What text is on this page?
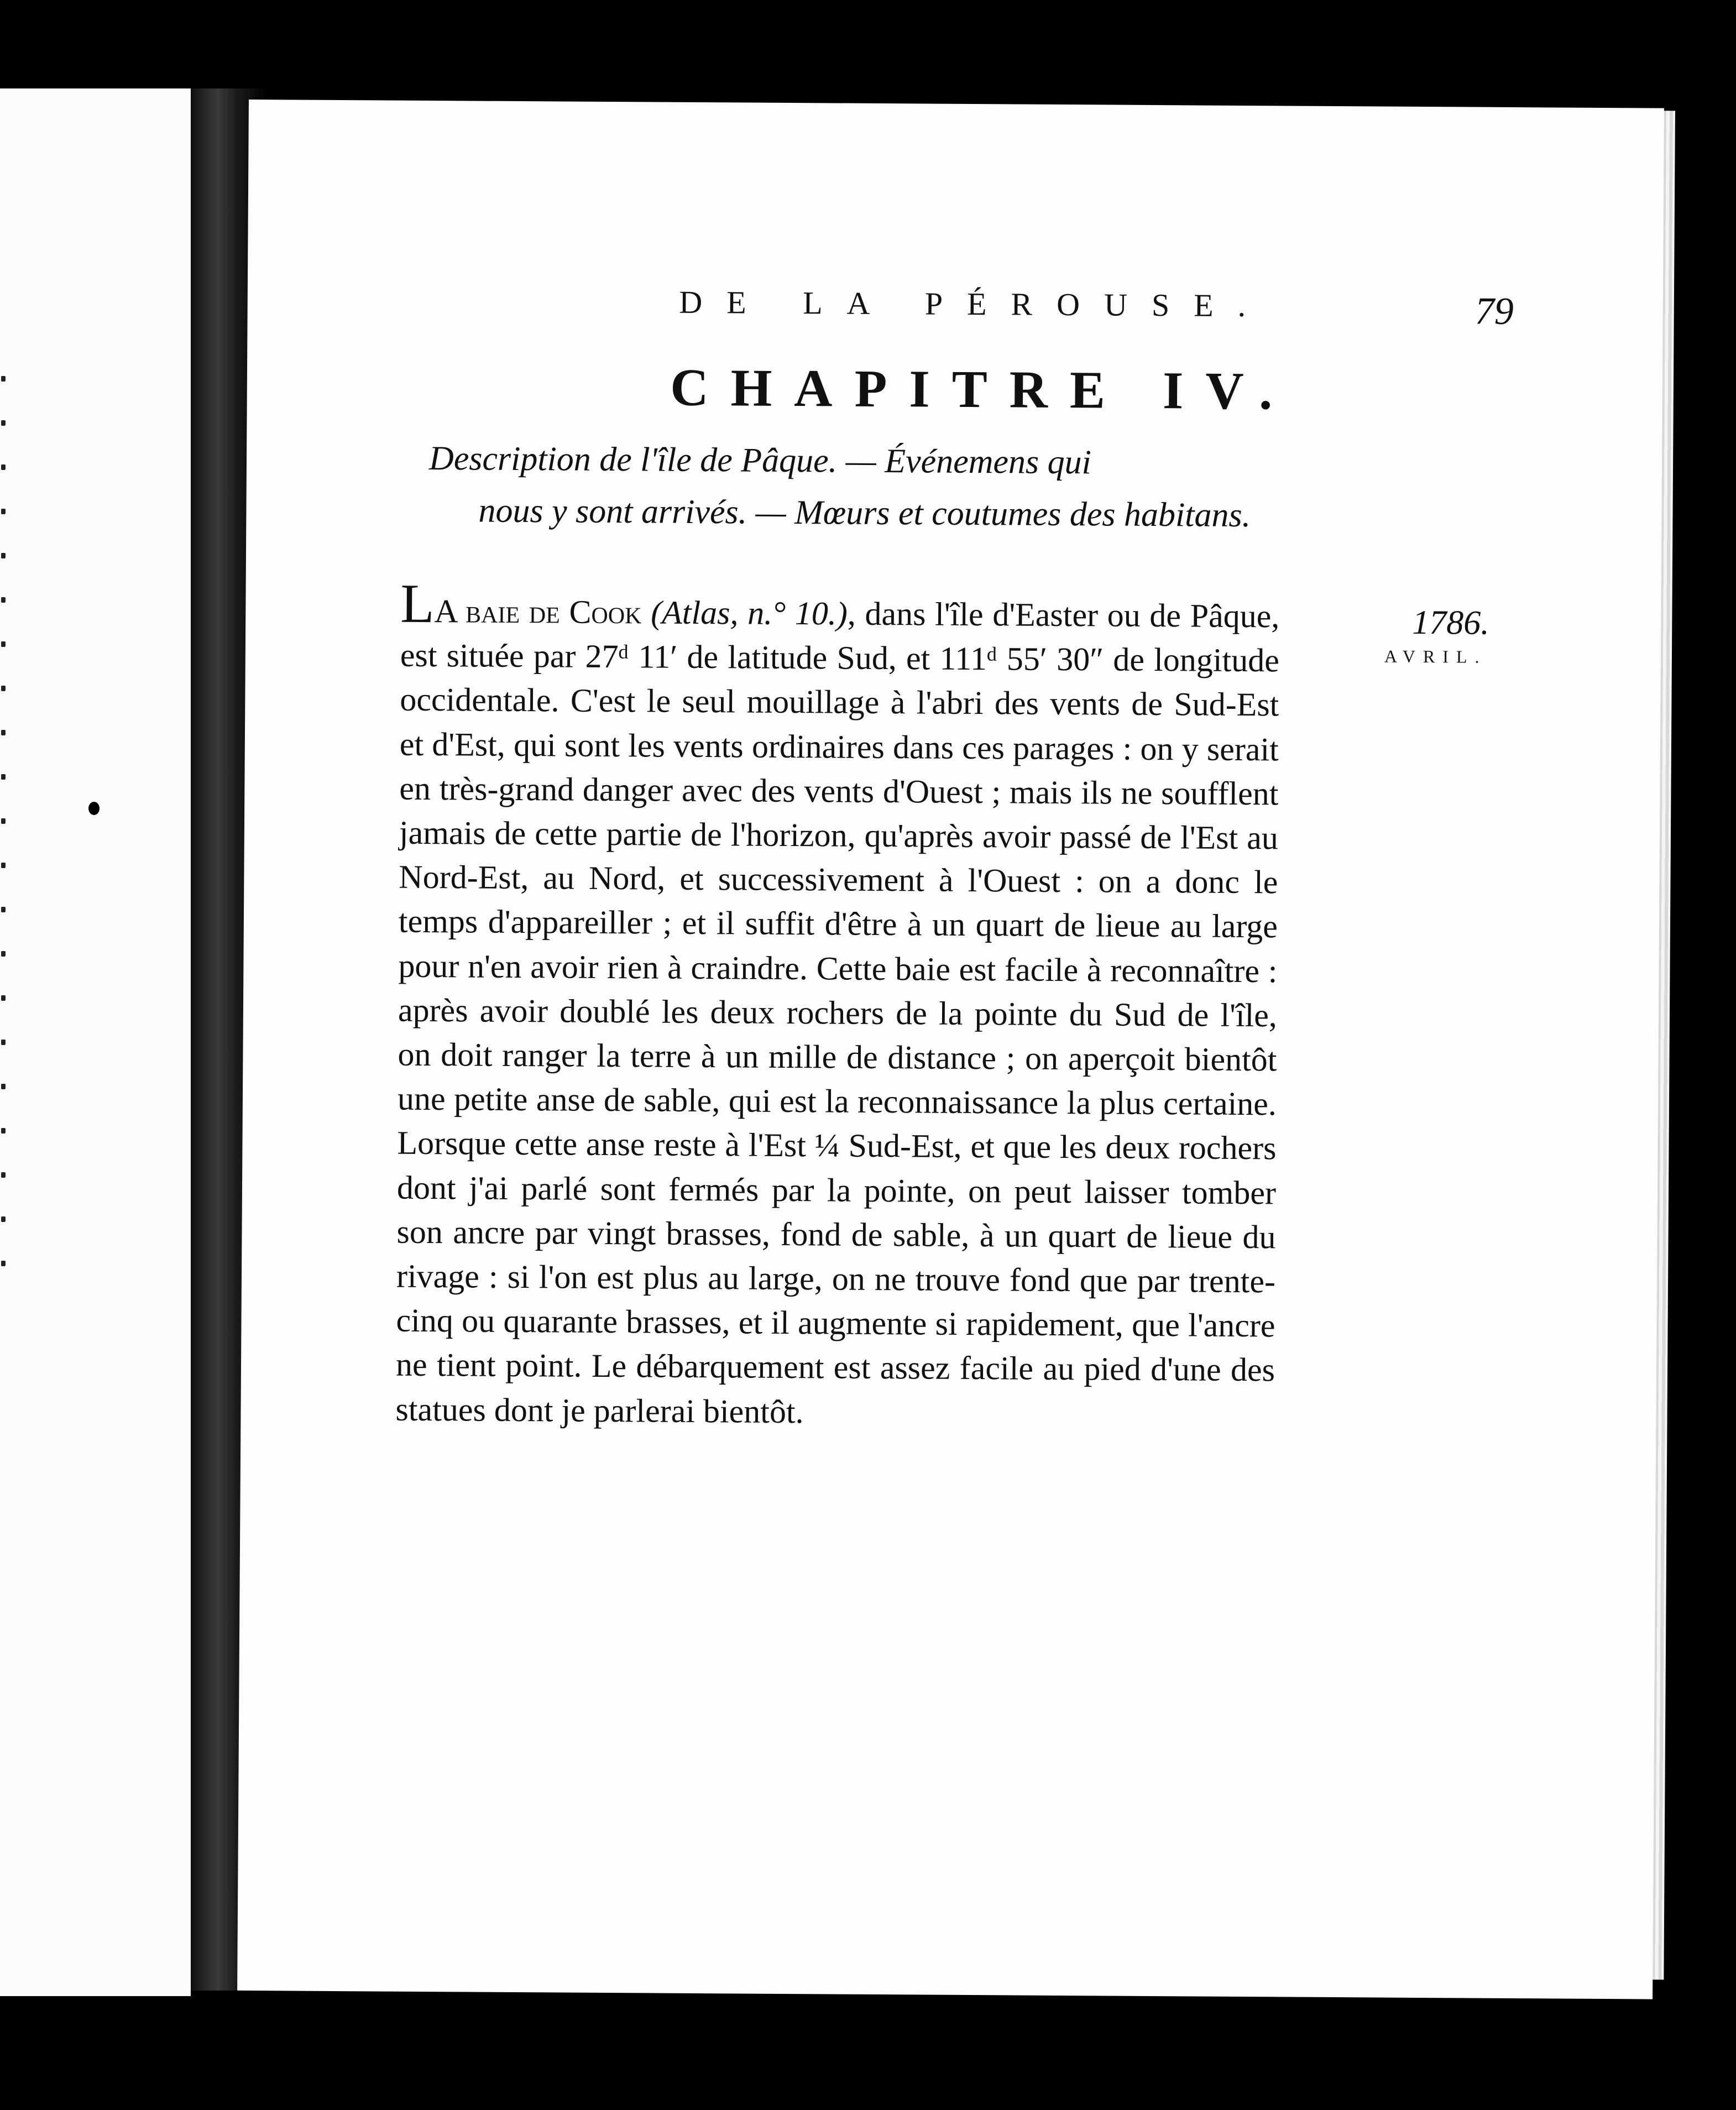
DE LA PÉROUSE.	79
CHAPITRE IV.
Description de l'île de Pâque. — Événemens qui
nous y sont arrivés. — Mœurs et coutumes des habitans.
1786.
AVRIL.
LA baie de Cook (Atlas, n.° 10.), dans l'île d'Easter ou de Pâque, est située par 27ᵈ 11′ de latitude Sud, et 111ᵈ 55′ 30″ de longitude occidentale. C'est le seul mouillage à l'abri des vents de Sud-Est et d'Est, qui sont les vents ordinaires dans ces parages : on y serait en très-grand danger avec des vents d'Ouest ; mais ils ne soufflent jamais de cette partie de l'horizon, qu'après avoir passé de l'Est au Nord-Est, au Nord, et successivement à l'Ouest : on a donc le temps d'appareiller ; et il suffit d'être à un quart de lieue au large pour n'en avoir rien à craindre. Cette baie est facile à reconnaître : après avoir doublé les deux rochers de la pointe du Sud de l'île, on doit ranger la terre à un mille de distance ; on aperçoit bientôt une petite anse de sable, qui est la reconnaissance la plus certaine. Lorsque cette anse reste à l'Est ¼ Sud-Est, et que les deux rochers dont j'ai parlé sont fermés par la pointe, on peut laisser tomber son ancre par vingt brasses, fond de sable, à un quart de lieue du rivage : si l'on est plus au large, on ne trouve fond que par trente-cinq ou quarante brasses, et il augmente si rapidement, que l'ancre ne tient point. Le débarquement est assez facile au pied d'une des statues dont je parlerai bientôt.
